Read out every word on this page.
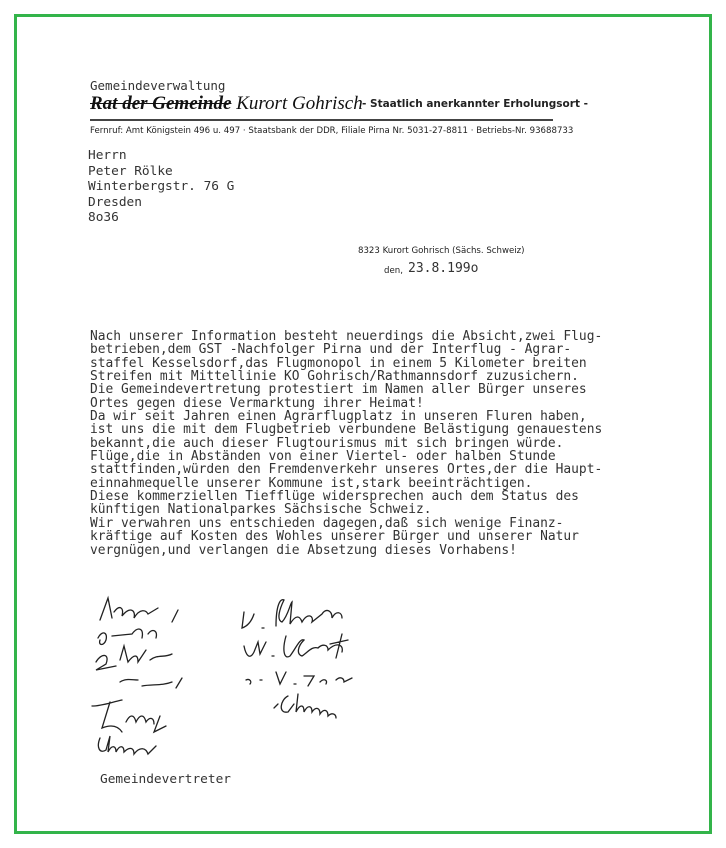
Gemeindeverwaltung
Rat der Gemeinde Kurort Gohrisch - Staatlich anerkannter Erholungsort -
Fernruf: Amt Königstein 496 u. 497 · Staatsbank der DDR, Filiale Pirna Nr. 5031-27-8811 · Betriebs-Nr. 93688733
Herrn
Peter Rölke
Winterbergstr. 76 G
Dresden
8o36
8323 Kurort Gohrisch (Sächs. Schweiz)
den, 23.8.199o
Nach unserer Information besteht neuerdings die Absicht,zwei Flug-
betrieben,dem GST -Nachfolger Pirna und der Interflug - Agrar-
staffel Kesselsdorf,das Flugmonopol in einem 5 Kilometer breiten
Streifen mit Mittellinie KO Gohrisch/Rathmannsdorf zuzusichern.
Die Gemeindevertretung protestiert im Namen aller Bürger unseres
Ortes gegen diese Vermarktung ihrer Heimat!
Da wir seit Jahren einen Agrarflugplatz in unseren Fluren haben,
ist uns die mit dem Flugbetrieb verbundene Belästigung genauestens
bekannt,die auch dieser Flugtourismus mit sich bringen würde.
Flüge,die in Abständen von einer Viertel- oder halben Stunde
stattfinden,würden den Fremdenverkehr unseres Ortes,der die Haupt-
einnahmequelle unserer Kommune ist,stark beeinträchtigen.
Diese kommerziellen Tiefflüge widersprechen auch dem Status des
künftigen Nationalparkes Sächsische Schweiz.
Wir verwahren uns entschieden dagegen,daß sich wenige Finanz-
kräftige auf Kosten des Wohles unserer Bürger und unserer Natur
vergnügen,und verlangen die Absetzung dieses Vorhabens!
Gemeindevertreter
